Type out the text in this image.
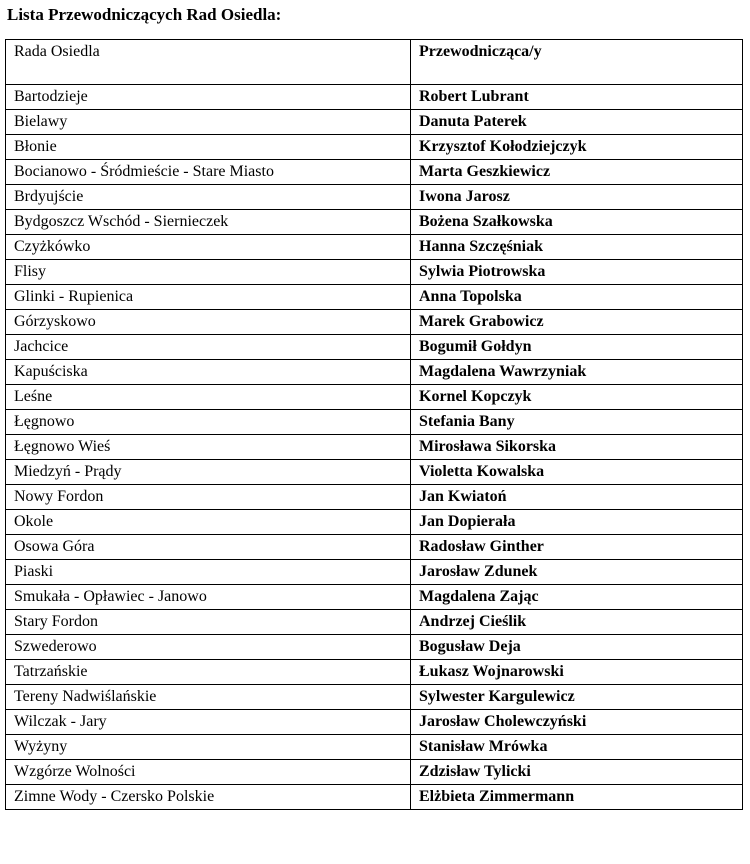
Lista Przewodniczących Rad Osiedla:
Rada Osiedla	Przewodnicząca/y
Bartodzieje	Robert Lubrant
Bielawy	Danuta Paterek
Błonie	Krzysztof Kołodziejczyk
Bocianowo - Śródmieście - Stare Miasto	Marta Geszkiewicz
Brdyujście	Iwona Jarosz
Bydgoszcz Wschód - Siernieczek	Bożena Szałkowska
Czyżkówko	Hanna Szczęśniak
Flisy	Sylwia Piotrowska
Glinki - Rupienica	Anna Topolska
Górzyskowo	Marek Grabowicz
Jachcice	Bogumił Gołdyn
Kapuściska	Magdalena Wawrzyniak
Leśne	Kornel Kopczyk
Łęgnowo	Stefania Bany
Łęgnowo Wieś	Mirosława Sikorska
Miedzyń - Prądy	Violetta Kowalska
Nowy Fordon	Jan Kwiatoń
Okole	Jan Dopierała
Osowa Góra	Radosław Ginther
Piaski	Jarosław Zdunek
Smukała - Opławiec - Janowo	Magdalena Zając
Stary Fordon	Andrzej Cieślik
Szwederowo	Bogusław Deja
Tatrzańskie	Łukasz Wojnarowski
Tereny Nadwiślańskie	Sylwester Kargulewicz
Wilczak - Jary	Jarosław Cholewczyński
Wyżyny	Stanisław Mrówka
Wzgórze Wolności	Zdzisław Tylicki
Zimne Wody - Czersko Polskie	Elżbieta Zimmermann
